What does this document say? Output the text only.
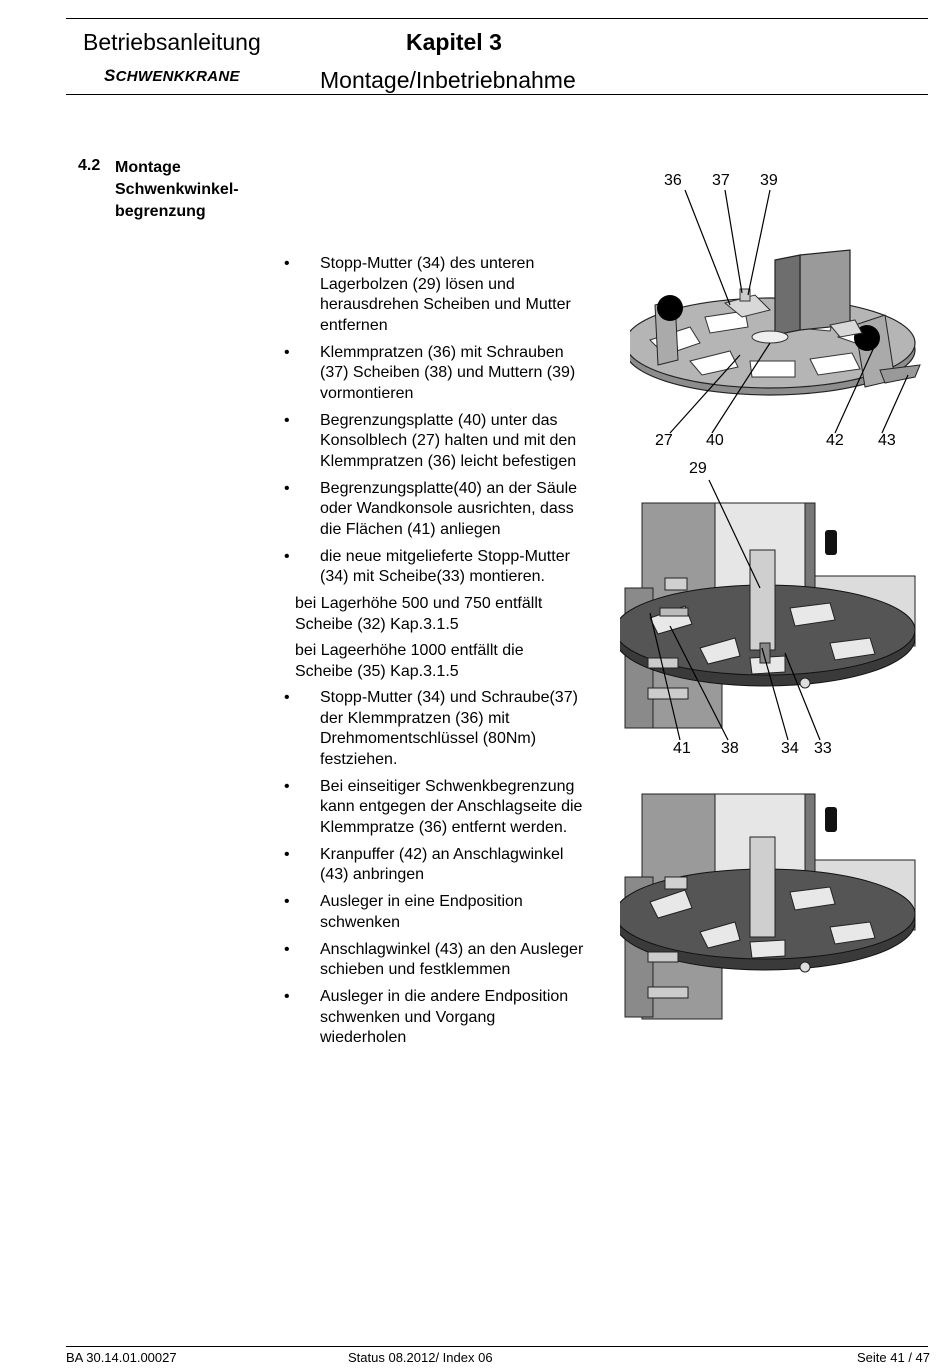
Betriebsanleitung
SCHWENKKRANE
Kapitel 3
Montage/Inbetriebnahme
4.2 Montage Schwenkwinkel-begrenzung
•	Stopp-Mutter (34) des unteren
Lagerbolzen (29) lösen und
herausdrehen Scheiben und Mutter
entfernen
•	Klemmpratzen (36) mit Schrauben
(37) Scheiben (38) und Muttern (39)
vormontieren
•	Begrenzungsplatte (40) unter das
Konsolblech (27) halten und mit den
Klemmpratzen (36) leicht befestigen
•	Begrenzungsplatte(40) an der Säule
oder Wandkonsole ausrichten, dass
die Flächen (41) anliegen
•	die neue mitgelieferte Stopp-Mutter
(34) mit Scheibe(33) montieren.
bei Lagerhöhe 500 und 750 entfällt
Scheibe (32) Kap.3.1.5
bei Lageerhöhe 1000 entfällt die
Scheibe (35) Kap.3.1.5
•	Stopp-Mutter (34) und Schraube(37)
der Klemmpratzen (36) mit
Drehmomentschlüssel (80Nm)
festziehen.
•	Bei einseitiger Schwenkbegrenzung
kann entgegen der Anschlagseite die
Klemmpratze (36) entfernt werden.
•	Kranpuffer (42) an Anschlagwinkel
(43) anbringen
•	Ausleger in eine Endposition
schwenken
•	Anschlagwinkel (43) an den Ausleger
schieben und festklemmen
•	Ausleger in die andere Endposition
schwenken und Vorgang
wiederholen
36 37 39
27 40	42 43
29
41 38	34 33
BA 30.14.01.00027	Status 08.2012/ Index 06	Seite 41 / 47
